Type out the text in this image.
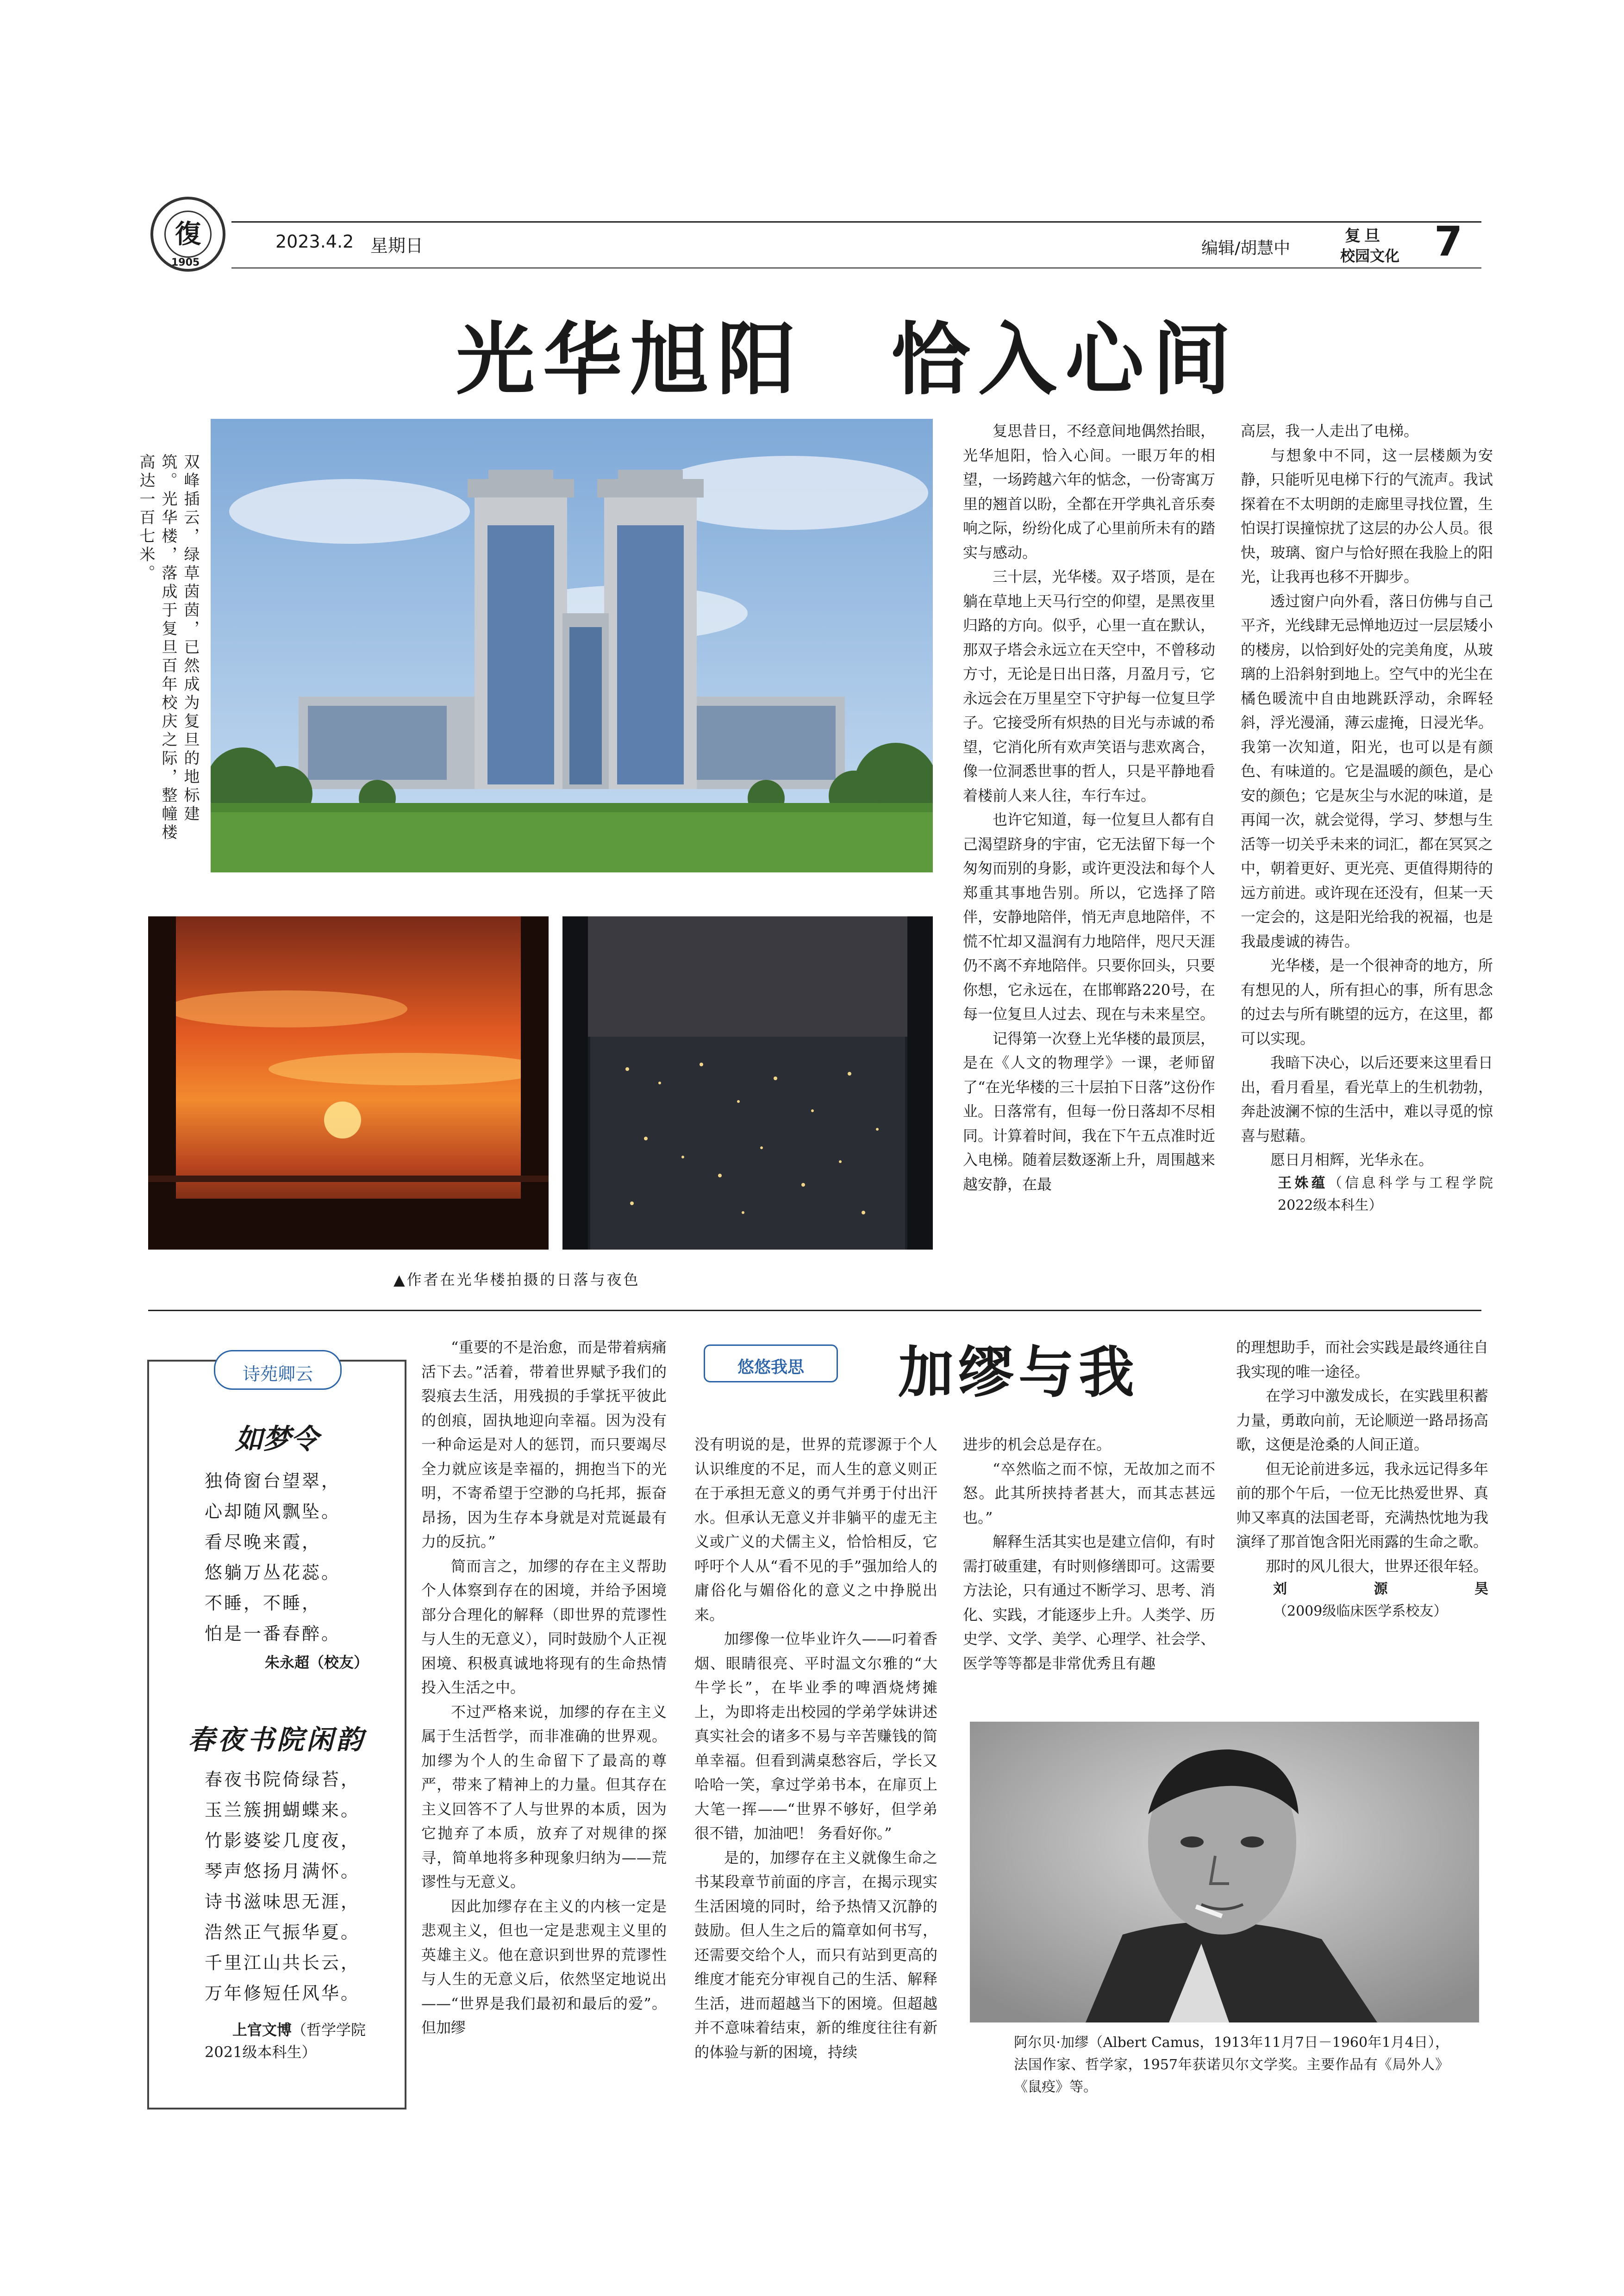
復
1905
2023.4.2 星期日	编辑/胡慧中
复旦
校园文化 7
光华旭阳　恰入心间
双峰插云，绿草茵茵，已然成为复旦的地标建筑。光华楼，落成于复旦百年校庆之际，整幢楼高达一百七米。
▲作者在光华楼拍摄的日落与夜色

复思昔日，不经意间地偶然抬眼，光华旭阳，恰入心间。一眼万年的相望，一场跨越六年的惦念，一份寄寓万里的翘首以盼，全都在开学典礼音乐奏响之际，纷纷化成了心里前所未有的踏实与感动。

三十层，光华楼。双子塔顶，是在躺在草地上天马行空的仰望，是黑夜里归路的方向。似乎，心里一直在默认，那双子塔会永远立在天空中，不曾移动方寸，无论是日出日落，月盈月亏，它永远会在万里星空下守护每一位复旦学子。它接受所有炽热的目光与赤诚的希望，它消化所有欢声笑语与悲欢离合，像一位洞悉世事的哲人，只是平静地看着楼前人来人往，车行车过。

也许它知道，每一位复旦人都有自己渴望跻身的宇宙，它无法留下每一个匆匆而别的身影，或许更没法和每个人郑重其事地告别。所以，它选择了陪伴，安静地陪伴，悄无声息地陪伴，不慌不忙却又温润有力地陪伴，咫尺天涯仍不离不弃地陪伴。只要你回头，只要你想，它永远在，在邯郸路220号，在每一位复旦人过去、现在与未来星空。

记得第一次登上光华楼的最顶层，是在《人文的物理学》一课，老师留了“在光华楼的三十层拍下日落”这份作业。日落常有，但每一份日落却不尽相同。计算着时间，我在下午五点准时近入电梯。随着层数逐渐上升，周围越来越安静，在最

高层，我一人走出了电梯。

与想象中不同，这一层楼颇为安静，只能听见电梯下行的气流声。我试探着在不太明朗的走廊里寻找位置，生怕误打误撞惊扰了这层的办公人员。很快，玻璃、窗户与恰好照在我脸上的阳光，让我再也移不开脚步。

透过窗户向外看，落日仿佛与自己平齐，光线肆无忌惮地迈过一层层矮小的楼房，以恰到好处的完美角度，从玻璃的上沿斜射到地上。空气中的光尘在橘色暖流中自由地跳跃浮动，余晖轻斜，浮光漫涌，薄云虚掩，日浸光华。我第一次知道，阳光，也可以是有颜色、有味道的。它是温暖的颜色，是心安的颜色；它是灰尘与水泥的味道，是再闻一次，就会觉得，学习、梦想与生活等一切关乎未来的词汇，都在冥冥之中，朝着更好、更光亮、更值得期待的远方前进。或许现在还没有，但某一天一定会的，这是阳光给我的祝福，也是我最虔诚的祷告。

光华楼，是一个很神奇的地方，所有想见的人，所有担心的事，所有思念的过去与所有眺望的远方，在这里，都可以实现。

我暗下决心，以后还要来这里看日出，看月看星，看光草上的生机勃勃，奔赴波澜不惊的生活中，难以寻觅的惊喜与慰藉。

愿日月相辉，光华永在。

王姝蕴（信息科学与工程学院2022级本科生）

诗苑卿云
如梦令
独倚窗台望翠，
心却随风飘坠。
看尽晚来霞，
悠躺万丛花蕊。
不睡，不睡，
怕是一番春醉。
朱永超（校友）
春夜书院闲韵
春夜书院倚绿苔，
玉兰簇拥蝴蝶来。
竹影婆娑几度夜，
琴声悠扬月满怀。
诗书滋味思无涯，
浩然正气振华夏。
千里江山共长云，
万年修短任风华。
上官文博（哲学学院2021级本科生）

“重要的不是治愈，而是带着病痛活下去。”活着，带着世界赋予我们的裂痕去生活，用残损的手掌抚平彼此的创痕，固执地迎向幸福。因为没有一种命运是对人的惩罚，而只要竭尽全力就应该是幸福的，拥抱当下的光明，不寄希望于空渺的乌托邦，振奋昂扬，因为生存本身就是对荒诞最有力的反抗。”

简而言之，加缪的存在主义帮助个人体察到存在的困境，并给予困境部分合理化的解释（即世界的荒谬性与人生的无意义），同时鼓励个人正视困境、积极真诚地将现有的生命热情投入生活之中。

不过严格来说，加缪的存在主义属于生活哲学，而非准确的世界观。加缪为个人的生命留下了最高的尊严，带来了精神上的力量。但其存在主义回答不了人与世界的本质，因为它抛弃了本质，放弃了对规律的探寻，简单地将多种现象归纳为——荒谬性与无意义。

因此加缪存在主义的内核一定是悲观主义，但也一定是悲观主义里的英雄主义。他在意识到世界的荒谬性与人生的无意义后，依然坚定地说出——“世界是我们最初和最后的爱”。但加缪

悠悠我思	加缪与我

没有明说的是，世界的荒谬源于个人认识维度的不足，而人生的意义则正在于承担无意义的勇气并勇于付出汗水。但承认无意义并非躺平的虚无主义或广义的犬儒主义，恰恰相反，它呼吁个人从“看不见的手”强加给人的庸俗化与媚俗化的意义之中挣脱出来。

加缪像一位毕业许久——叼着香烟、眼睛很亮、平时温文尔雅的“大牛学长”，在毕业季的啤酒烧烤摊上，为即将走出校园的学弟学妹讲述真实社会的诸多不易与辛苦赚钱的简单幸福。但看到满桌愁容后，学长又哈哈一笑，拿过学弟书本，在扉页上大笔一挥——“世界不够好，但学弟很不错，加油吧！ 务看好你。”

是的，加缪存在主义就像生命之书某段章节前面的序言，在揭示现实生活困境的同时，给予热情又沉静的鼓励。但人生之后的篇章如何书写，还需要交给个人，而只有站到更高的维度才能充分审视自己的生活、解释生活，进而超越当下的困境。但超越并不意味着结束，新的维度往往有新的体验与新的困境，持续

进步的机会总是存在。

“卒然临之而不惊，无故加之而不怒。此其所挟持者甚大，而其志甚远也。”

解释生活其实也是建立信仰，有时需打破重建，有时则修缮即可。这需要方法论，只有通过不断学习、思考、消化、实践，才能逐步上升。人类学、历史学、文学、美学、心理学、社会学、医学等等都是非常优秀且有趣

的理想助手，而社会实践是最终通往自我实现的唯一途径。

在学习中激发成长，在实践里积蓄力量，勇敢向前，无论顺逆一路昂扬高歌，这便是沧桑的人间正道。

但无论前进多远，我永远记得多年前的那个午后，一位无比热爱世界、真帅又率真的法国老哥，充满热忱地为我演绎了那首饱含阳光雨露的生命之歌。

那时的风儿很大，世界还很年轻。

刘源昊（2009级临床医学系校友）

阿尔贝·加缪（Albert Camus，1913年11月7日－1960年1月4日），法国作家、哲学家，1957年获诺贝尔文学奖。主要作品有《局外人》《鼠疫》等。
